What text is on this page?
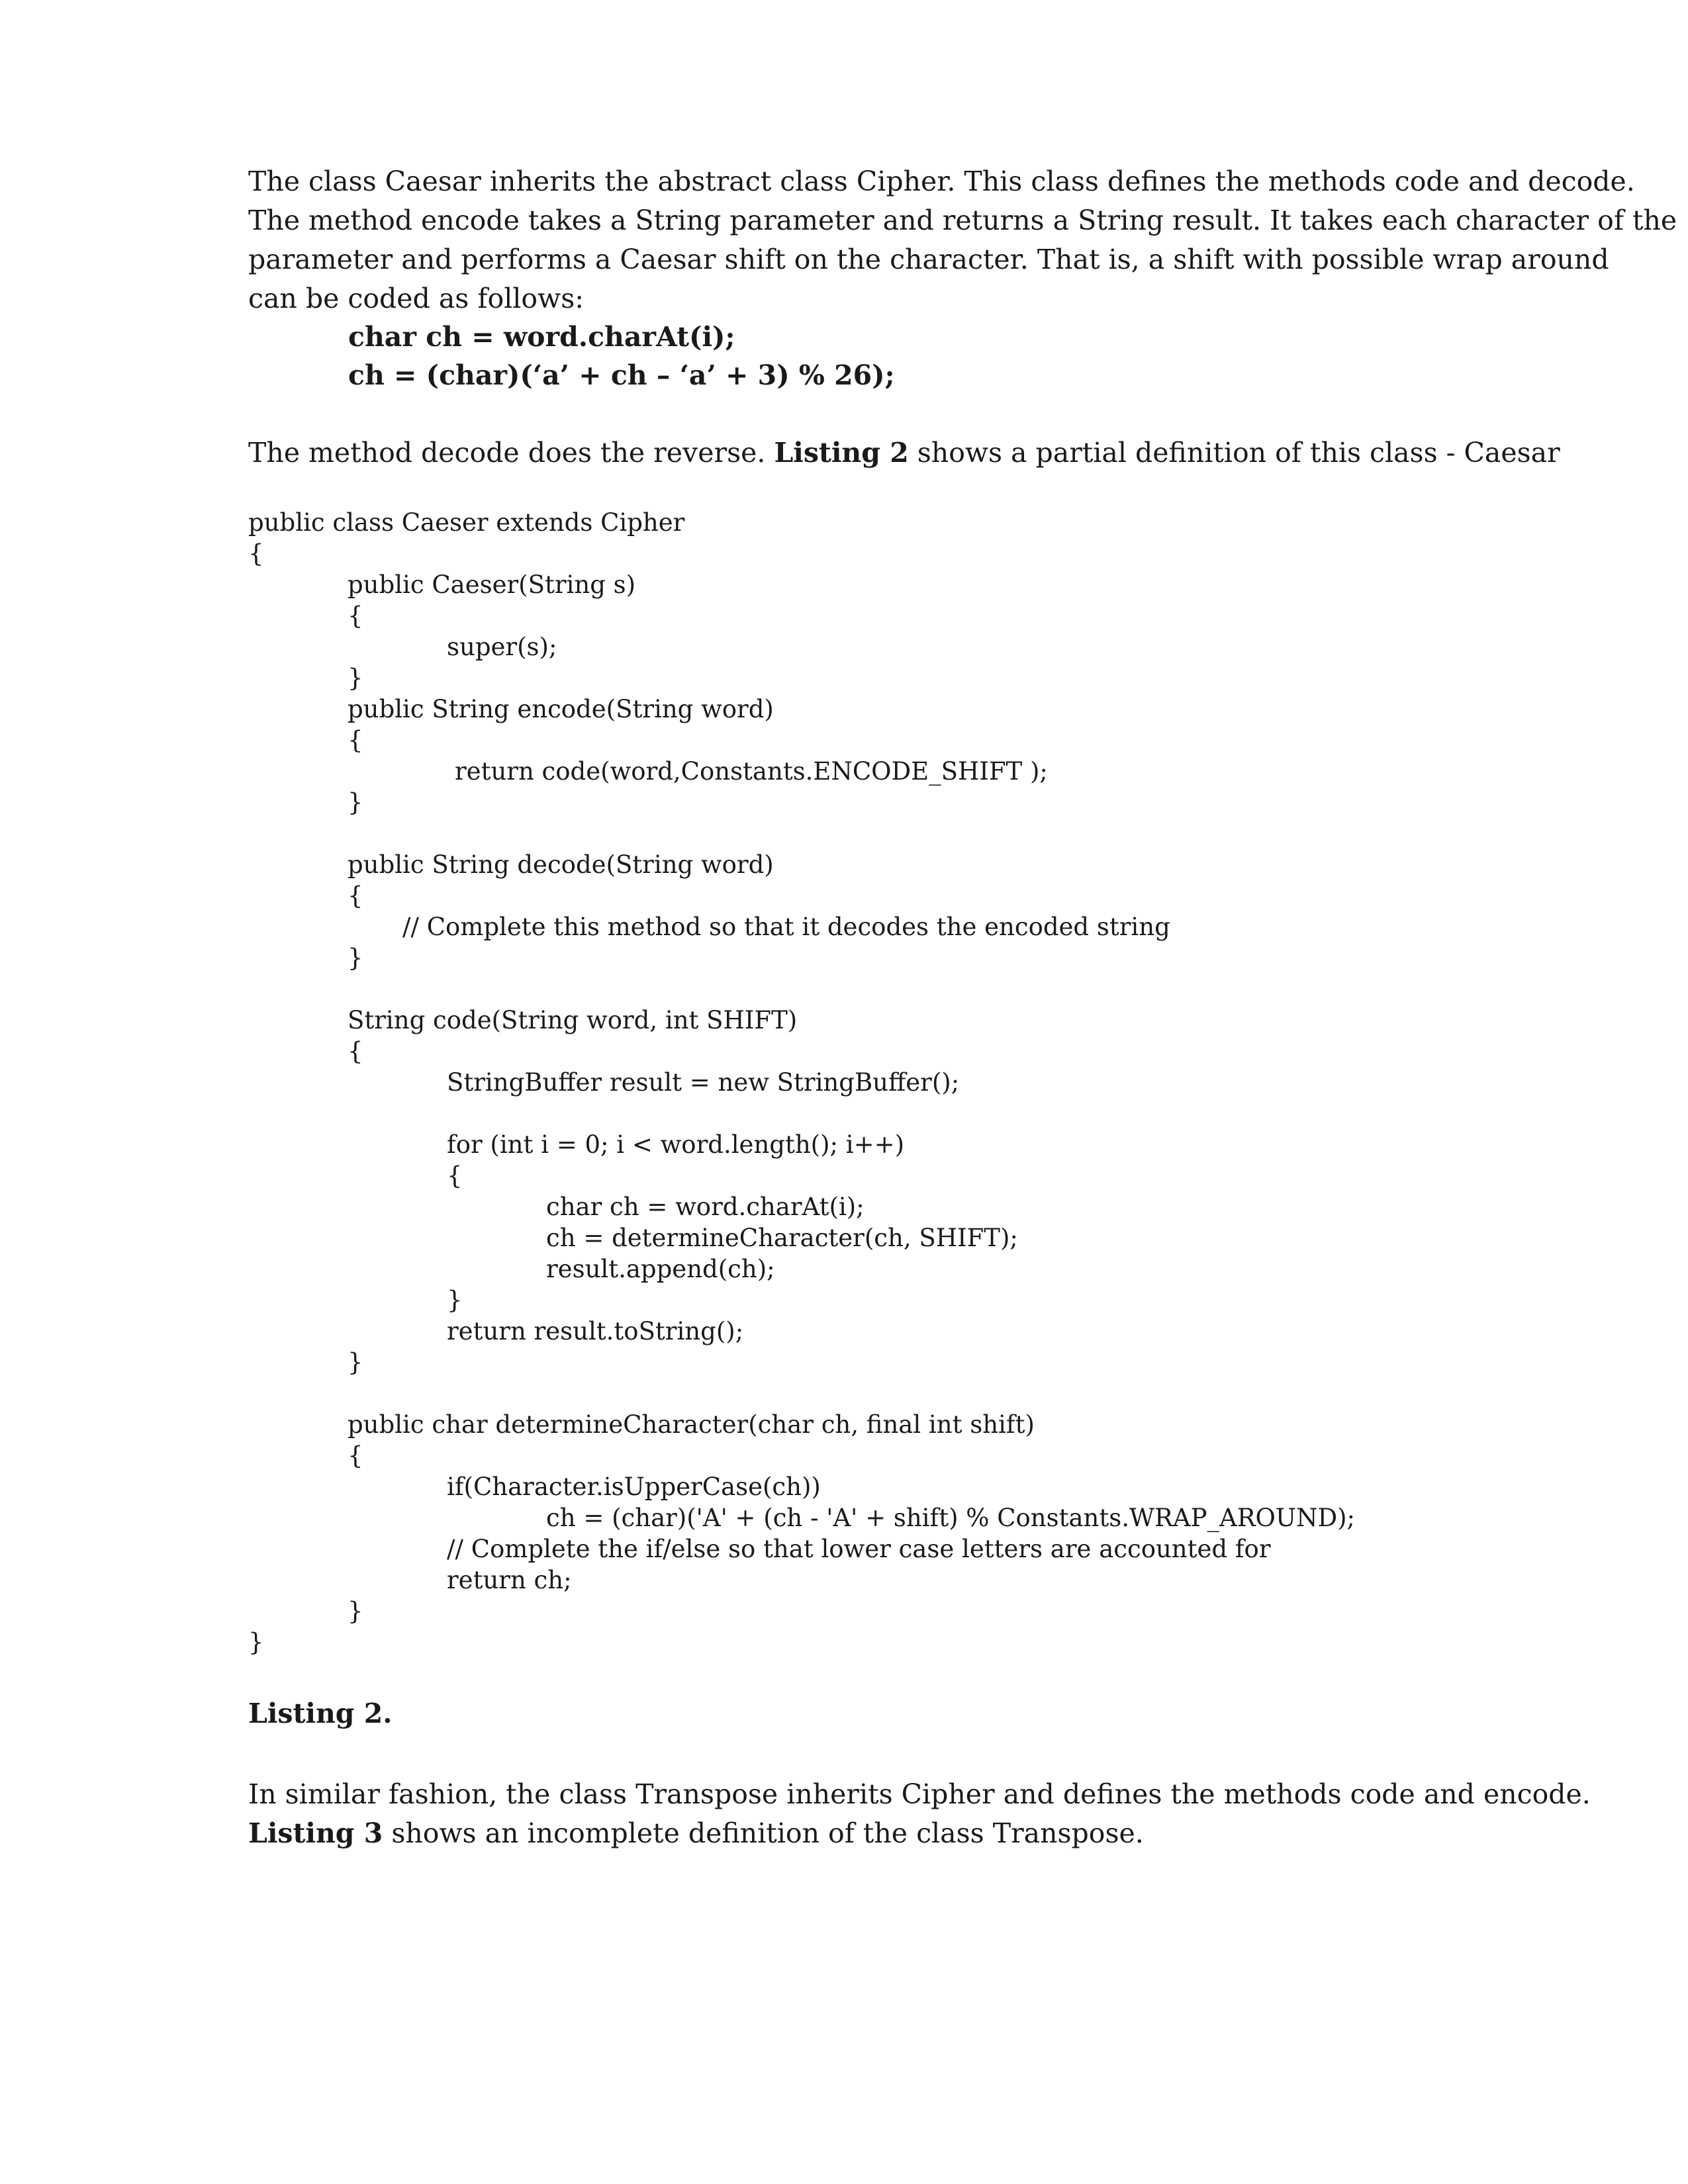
The class Caesar inherits the abstract class Cipher. This class defines the methods code and decode.
The method encode takes a String parameter and returns a String result. It takes each character of the
parameter and performs a Caesar shift on the character. That is, a shift with possible wrap around
can be coded as follows:

char ch = word.charAt(i);
ch = (char)(‘a’ + ch – ‘a’ + 3) % 26);

The method decode does the reverse. Listing 2 shows a partial definition of this class - Caesar

public class Caeser extends Cipher
{
public Caeser(String s)
{
super(s);
}
public String encode(String word)
{
return code(word,Constants.ENCODE_SHIFT );
}
public String decode(String word)
{
// Complete this method so that it decodes the encoded string
}
String code(String word, int SHIFT)
{
StringBuffer result = new StringBuffer();
for (int i = 0; i < word.length(); i++)
{
char ch = word.charAt(i);
ch = determineCharacter(ch, SHIFT);
result.append(ch);
}
return result.toString();
}
public char determineCharacter(char ch, final int shift)
{
if(Character.isUpperCase(ch))
ch = (char)('A' + (ch - 'A' + shift) % Constants.WRAP_AROUND);
// Complete the if/else so that lower case letters are accounted for
return ch;
}
}
Listing 2.

In similar fashion, the class Transpose inherits Cipher and defines the methods code and encode.
Listing 3 shows an incomplete definition of the class Transpose.
